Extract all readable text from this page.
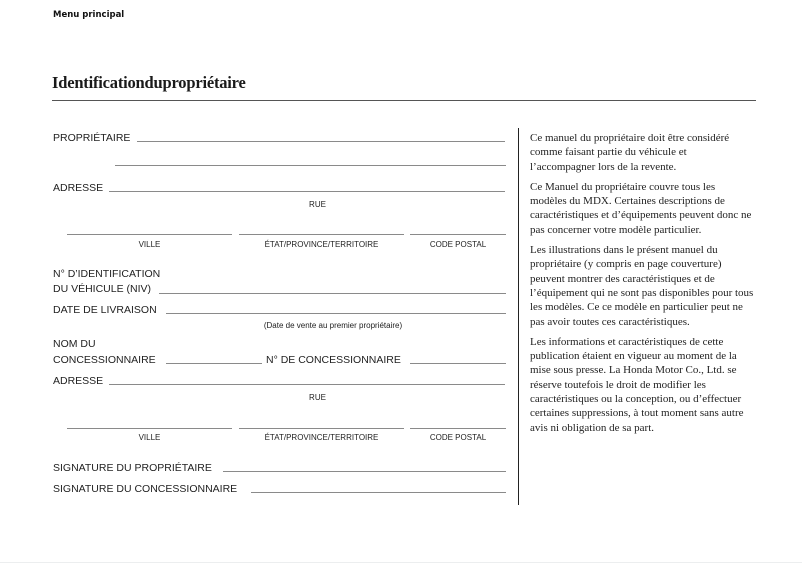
Menu principal
Identificationdupropriétaire
PROPRIÉTAIRE
ADRESSE
RUE
VILLE	ÉTAT/PROVINCE/TERRITOIRE	CODE POSTAL
N° D’IDENTIFICATION
DU VÉHICULE (NIV)
DATE DE LIVRAISON
(Date de vente au premier propriétaire)
NOM DU
CONCESSIONNAIRE	N° DE CONCESSIONNAIRE
ADRESSE
RUE
VILLE	ÉTAT/PROVINCE/TERRITOIRE	CODE POSTAL
SIGNATURE DU PROPRIÉTAIRE
SIGNATURE DU CONCESSIONNAIRE

Ce manuel du propriétaire doit être considéré comme faisant partie du véhicule et l’accompagner lors de la revente.

Ce Manuel du propriétaire couvre tous les modèles du MDX. Certaines descriptions de caractéristiques et d’équipements peuvent donc ne pas concerner votre modèle particulier.

Les illustrations dans le présent manuel du propriétaire (y compris en page couverture) peuvent montrer des caractéristiques et de l’équipement qui ne sont pas disponibles pour tous les modèles. Ce ce modèle en particulier peut ne pas avoir toutes ces caractéristiques.

Les informations et caractéristiques de cette publication étaient en vigueur au moment de la mise sous presse. La Honda Motor Co., Ltd. se réserve toutefois le droit de modifier les caractéristiques ou la conception, ou d’effectuer certaines suppressions, à tout moment sans autre avis ni obligation de sa part.
